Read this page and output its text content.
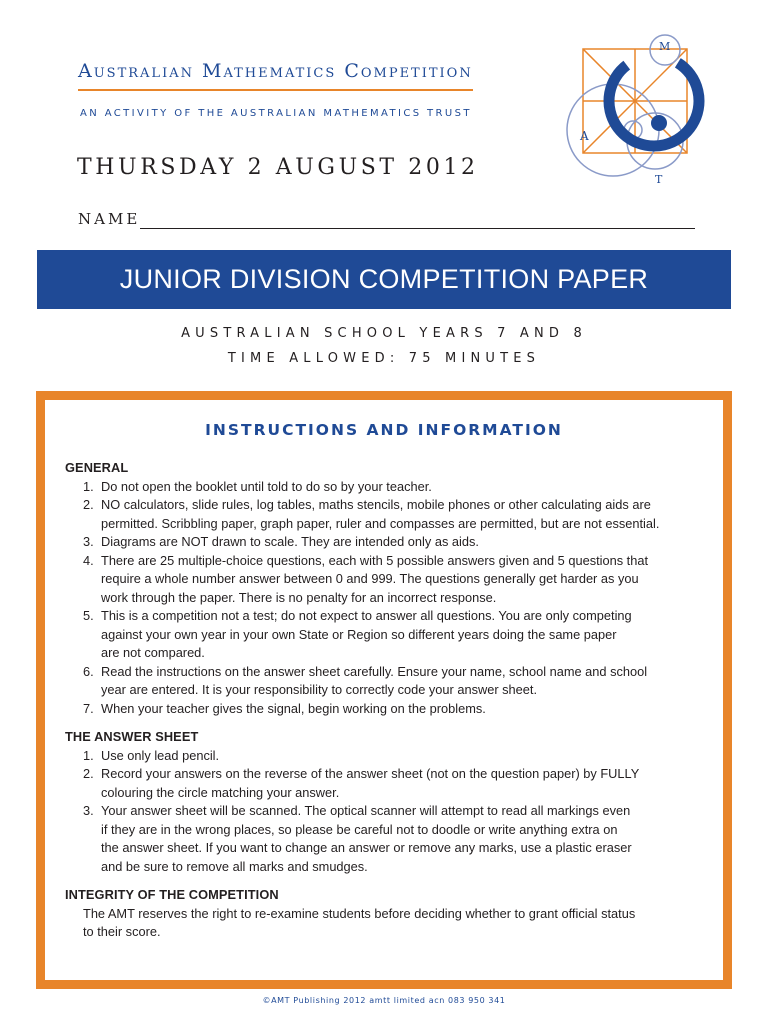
Australian Mathematics Competition
AN ACTIVITY OF THE AUSTRALIAN MATHEMATICS TRUST
M
A
T
THURSDAY 2 AUGUST 2012
NAME
JUNIOR DIVISION COMPETITION PAPER
AUSTRALIAN SCHOOL YEARS 7 AND 8
TIME ALLOWED: 75 MINUTES
INSTRUCTIONS AND INFORMATION

GENERAL

1. Do not open the booklet until told to do so by your teacher.
2. NO calculators, slide rules, log tables, maths stencils, mobile phones or other calculating aids are
permitted. Scribbling paper, graph paper, ruler and compasses are permitted, but are not essential.
3. Diagrams are NOT drawn to scale. They are intended only as aids.
4. There are 25 multiple-choice questions, each with 5 possible answers given and 5 questions that
require a whole number answer between 0 and 999. The questions generally get harder as you
work through the paper. There is no penalty for an incorrect response.
5. This is a competition not a test; do not expect to answer all questions. You are only competing
against your own year in your own State or Region so different years doing the same paper
are not compared.
6. Read the instructions on the answer sheet carefully. Ensure your name, school name and school
year are entered. It is your responsibility to correctly code your answer sheet.
7. When your teacher gives the signal, begin working on the problems.

THE ANSWER SHEET

1. Use only lead pencil.
2. Record your answers on the reverse of the answer sheet (not on the question paper) by FULLY
colouring the circle matching your answer.
3. Your answer sheet will be scanned. The optical scanner will attempt to read all markings even
if they are in the wrong places, so please be careful not to doodle or write anything extra on
the answer sheet. If you want to change an answer or remove any marks, use a plastic eraser
and be sure to remove all marks and smudges.

INTEGRITY OF THE COMPETITION

The AMT reserves the right to re-examine students before deciding whether to grant official status
to their score.
©AMT Publishing 2012 amtt limited acn 083 950 341
